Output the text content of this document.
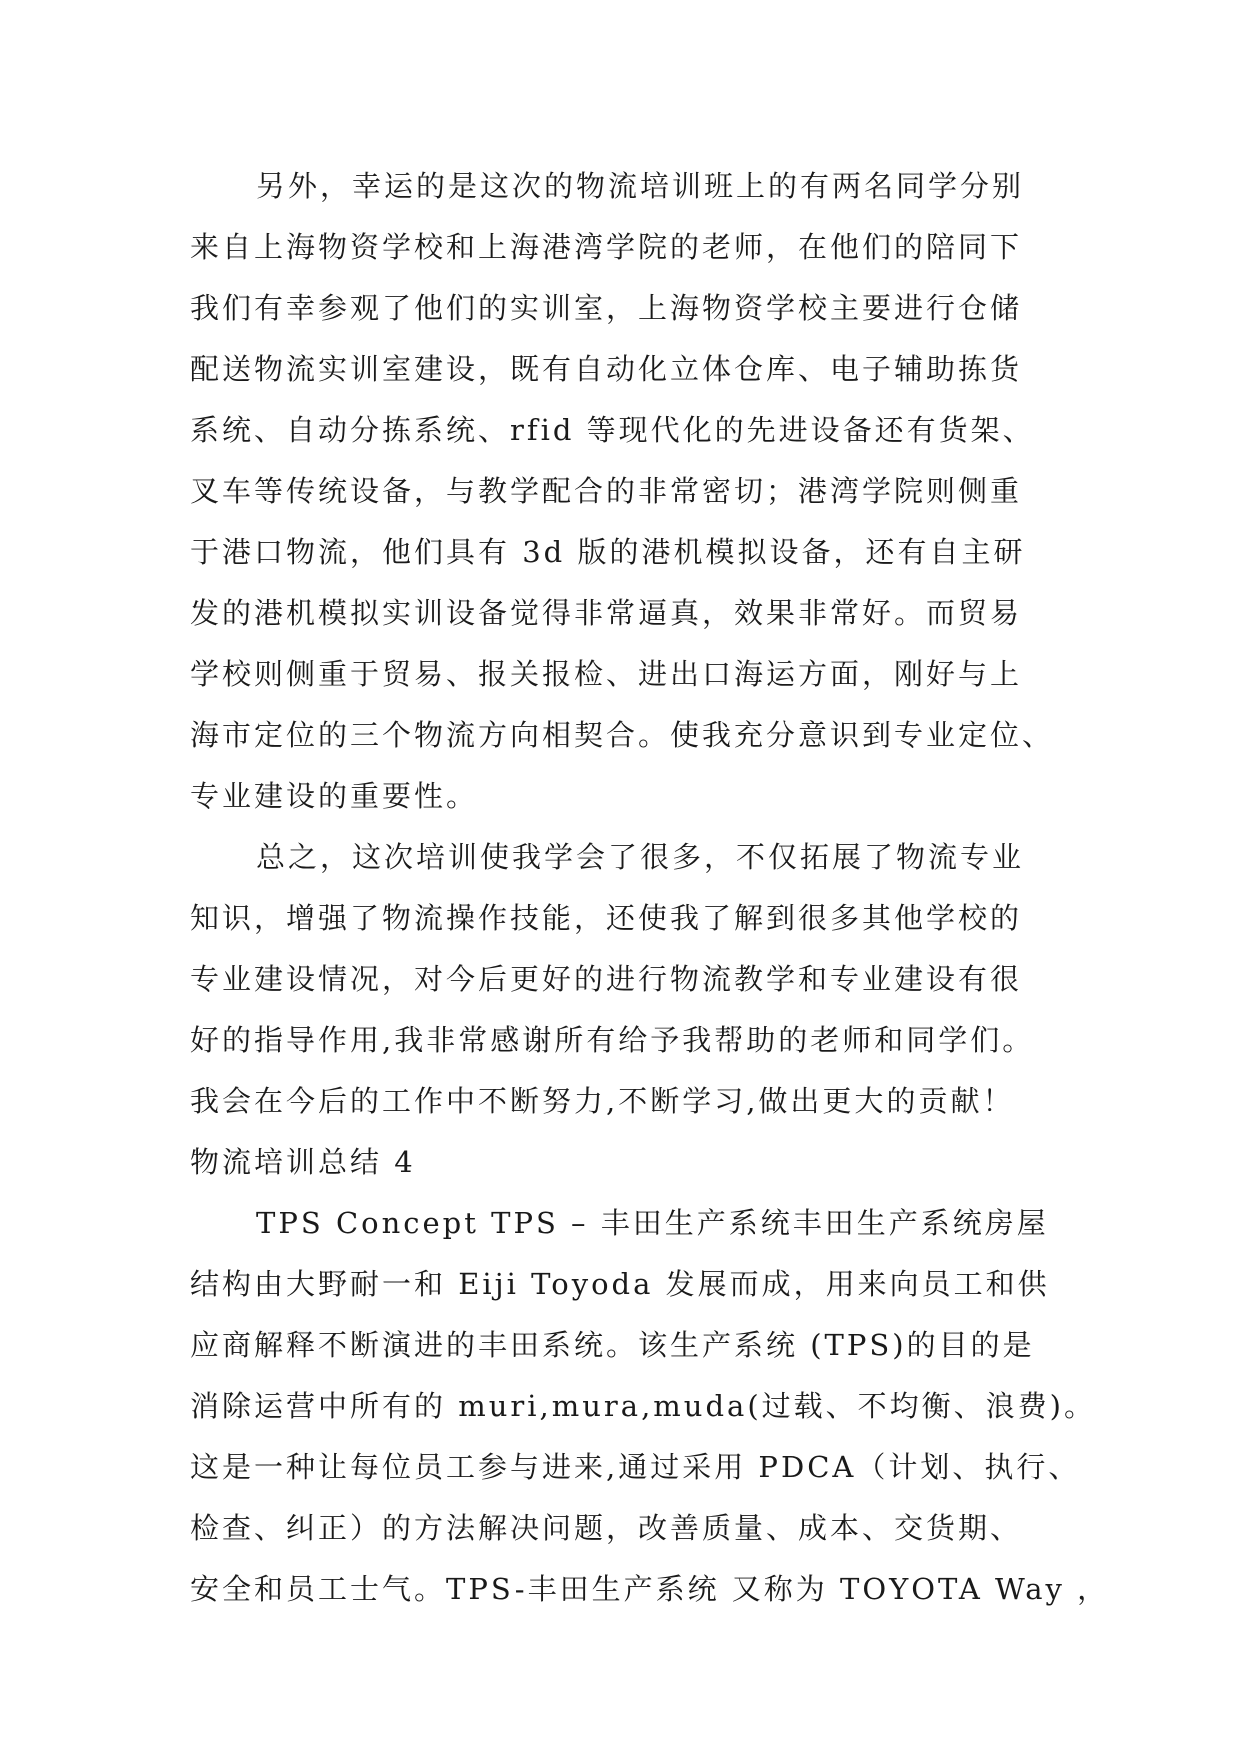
另外，幸运的是这次的物流培训班上的有两名同学分别
来自上海物资学校和上海港湾学院的老师，在他们的陪同下
我们有幸参观了他们的实训室，上海物资学校主要进行仓储
配送物流实训室建设，既有自动化立体仓库、电子辅助拣货
系统、自动分拣系统、rfid 等现代化的先进设备还有货架、
叉车等传统设备，与教学配合的非常密切；港湾学院则侧重
于港口物流，他们具有 3d 版的港机模拟设备，还有自主研
发的港机模拟实训设备觉得非常逼真，效果非常好。而贸易
学校则侧重于贸易、报关报检、进出口海运方面，刚好与上
海市定位的三个物流方向相契合。使我充分意识到专业定位、
专业建设的重要性。
总之，这次培训使我学会了很多，不仅拓展了物流专业
知识，增强了物流操作技能，还使我了解到很多其他学校的
专业建设情况，对今后更好的进行物流教学和专业建设有很
好的指导作用,我非常感谢所有给予我帮助的老师和同学们。
我会在今后的工作中不断努力,不断学习,做出更大的贡献！
物流培训总结 4
TPS Concept TPS – 丰田生产系统丰田生产系统房屋
结构由大野耐一和 Eiji Toyoda 发展而成，用来向员工和供
应商解释不断演进的丰田系统。该生产系统 (TPS)的目的是
消除运营中所有的 muri,mura,muda(过载、不均衡、浪费)。
这是一种让每位员工参与进来,通过采用 PDCA（计划、执行、
检查、纠正）的方法解决问题，改善质量、成本、交货期、
安全和员工士气。TPS-丰田生产系统 又称为 TOYOTA Way ，
